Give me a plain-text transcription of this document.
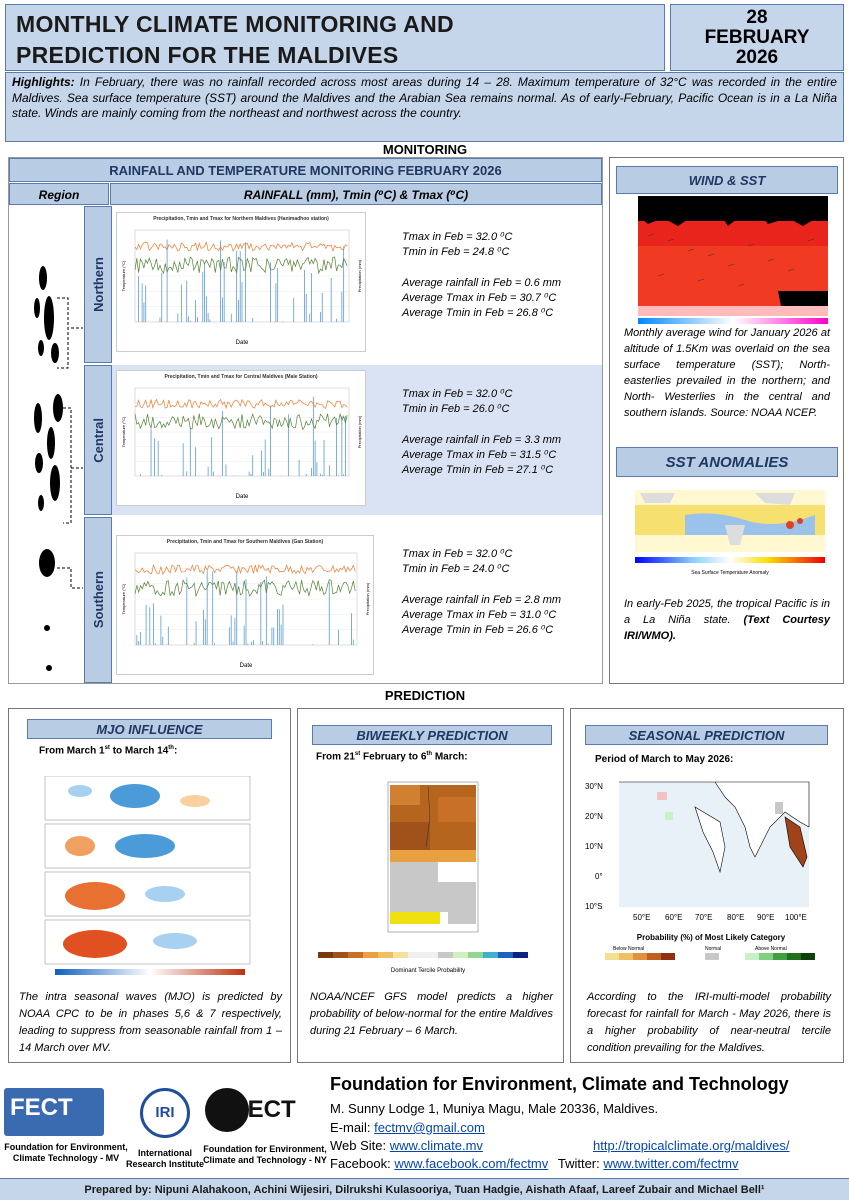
MONTHLY CLIMATE MONITORING AND
PREDICTION FOR THE MALDIVES
28
FEBRUARY
2026
Highlights: In February, there was no rainfall recorded across most areas during 14 – 28. Maximum temperature of 32°C was recorded in the entire Maldives. Sea surface temperature (SST) around the Maldives and the Arabian Sea remains normal. As of early-February, Pacific Ocean is in a La Niña state. Winds are mainly coming from the northeast and northwest across the country.
MONITORING
RAINFALL AND TEMPERATURE MONITORING FEBRUARY 2026
Region	RAINFALL (mm), Tmin (⁰C) & Tmax (⁰C)
Northern
Precipitation, Tmin and Tmax for Northern Maldives (Hanimadhoo station)
Date
Temperature (°C)	Precipitation (mm)
Tmax in Feb = 32.0 ⁰C
Tmin in Feb = 24.8 ⁰C
Average rainfall in Feb = 0.6 mm
Average Tmax in Feb = 30.7 ⁰C
Average Tmin in Feb = 26.8 ⁰C
Central
Precipitation, Tmin and Tmax for Central Maldives (Male Station)
Date
Temperature (°C)	Precipitation (mm)
Tmax in Feb = 32.0 ⁰C
Tmin in Feb = 26.0 ⁰C
Average rainfall in Feb = 3.3 mm
Average Tmax in Feb = 31.5 ⁰C
Average Tmin in Feb = 27.1 ⁰C
Southern
Precipitation, Tmin and Tmax for Southern Maldives (Gan Station)
Date
Temperature (°C)	Precipitation (mm)
Tmax in Feb = 32.0 ⁰C
Tmin in Feb = 24.0 ⁰C
Average rainfall in Feb = 2.8 mm
Average Tmax in Feb = 31.0 ⁰C
Average Tmin in Feb = 26.6 ⁰C
WIND & SST
Monthly average wind for January 2026 at altitude of 1.5Km was overlaid on the sea surface temperature (SST); North-easterlies prevailed in the northern; and North- Westerlies in the central and southern islands. Source: NOAA NCEP.
SST ANOMALIES
Sea Surface Temperature Anomaly
In early-Feb 2025, the tropical Pacific is in a La Niña state. (Text Courtesy IRI/WMO).
PREDICTION
MJO INFLUENCE
From March 1st to March 14th:
The intra seasonal waves (MJO) is predicted by NOAA CPC to be in phases 5,6 & 7 respectively, leading to suppress from seasonable rainfall from 1 – 14 March over MV.
BIWEEKLY PREDICTION
From 21st February to 6th March:
Dominant Tercile Probability
NOAA/NCEF GFS model predicts a higher probability of below-normal for the entire Maldives during 21 February – 6 March.
SEASONAL PREDICTION
Period of March to May 2026:
30°N
20°N
10°N
0°
10°S
50°E 60°E 70°E 80°E 90°E 100°E
Probability (%) of Most Likely Category
Below Normal	Normal	Above Normal
According to the IRI-multi-model probability forecast for rainfall for March - May 2026, there is a higher probability of near-neutral tercile condition prevailing for the Maldives.
FECT
Foundation for Environment, Climate Technology - MV
IRI
International Research Institute
FECT
Foundation for Environment, Climate and Technology - NY
Foundation for Environment, Climate and Technology
M. Sunny Lodge 1, Muniya Magu, Male 20336, Maldives.
E-mail: fectmv@gmail.com
Web Site: www.climate.mv	http://tropicalclimate.org/maldives/
Facebook: www.facebook.com/fectmv Twitter: www.twitter.com/fectmv
Prepared by: Nipuni Alahakoon, Achini Wijesiri, Dilrukshi Kulasooriya, Tuan Hadgie, Aishath Afaaf, Lareef Zubair and Michael Bell¹
